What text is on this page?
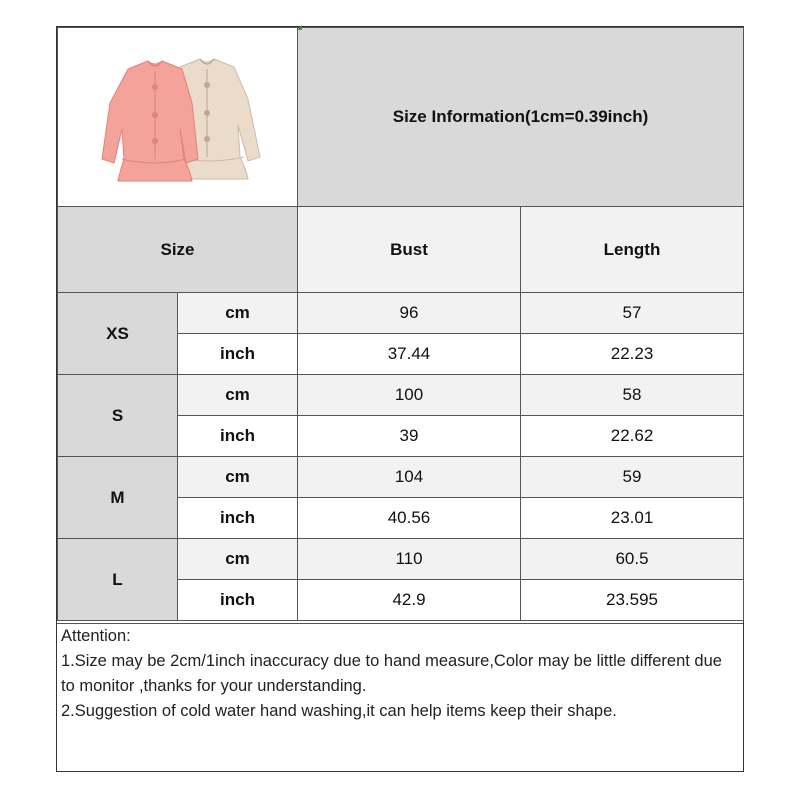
	Size Information(1cm=0.39inch)	
Size		Bust	Length
XS	cm	96	57
	inch	37.44	22.23
S	cm	100	58
	inch	39	22.62
M	cm	104	59
	inch	40.56	23.01
L	cm	110	60.5
	inch	42.9	23.595
Attention:
1.Size may be 2cm/1inch inaccuracy due to hand measure,Color may be little different due to monitor ,thanks for your understanding.
2.Suggestion of cold water hand washing,it can help items keep their shape.
